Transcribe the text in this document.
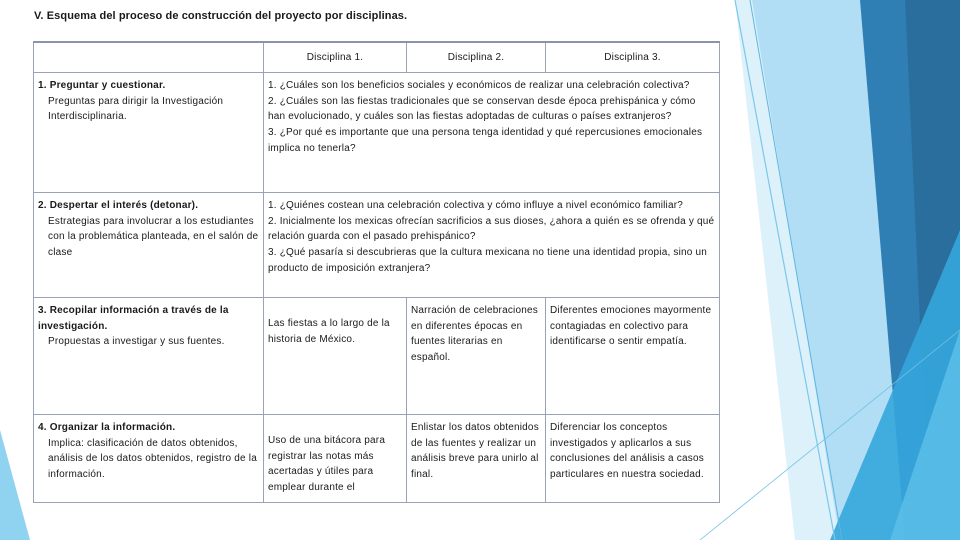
V. Esquema del proceso de construcción del proyecto por disciplinas.
	Disciplina 1.	Disciplina 2.	Disciplina 3.

1. Preguntar y cuestionar.
Preguntas para dirigir la Investigación Interdisciplinaria.	1. ¿Cuáles son los beneficios sociales y económicos de realizar una celebración colectiva?
2. ¿Cuáles son las fiestas tradicionales que se conservan desde época prehispánica y cómo han evolucionado, y cuáles son las fiestas adoptadas de culturas o países extranjeros?
3. ¿Por qué es importante que una persona tenga identidad y qué repercusiones emocionales implica no tenerla?		

2. Despertar el interés (detonar).
Estrategias para involucrar a los estudiantes con la problemática planteada, en el salón de clase	1. ¿Quiénes costean una celebración colectiva y cómo influye a nivel económico familiar?
2. Inicialmente los mexicas ofrecían sacrificios a sus dioses, ¿ahora a quién es se ofrenda y qué relación guarda con el pasado prehispánico?
3. ¿Qué pasaría si descubrieras que la cultura mexicana no tiene una identidad propia, sino un producto de imposición extranjera?		

3. Recopilar información a través de la investigación.
Propuestas a investigar y sus fuentes.	Las fiestas a lo largo de la historia de México.	Narración de celebraciones en diferentes épocas en fuentes literarias en español.	Diferentes emociones mayormente contagiadas en colectivo para identificarse o sentir empatía.

4. Organizar la información.
Implica: clasificación de datos obtenidos, análisis de los datos obtenidos, registro de la información.	Uso de una bitácora para registrar las notas más acertadas y útiles para emplear durante el	Enlistar los datos obtenidos de las fuentes y realizar un análisis breve para unirlo al final.	Diferenciar los conceptos investigados y aplicarlos a sus conclusiones del análisis a casos particulares en nuestra sociedad.
